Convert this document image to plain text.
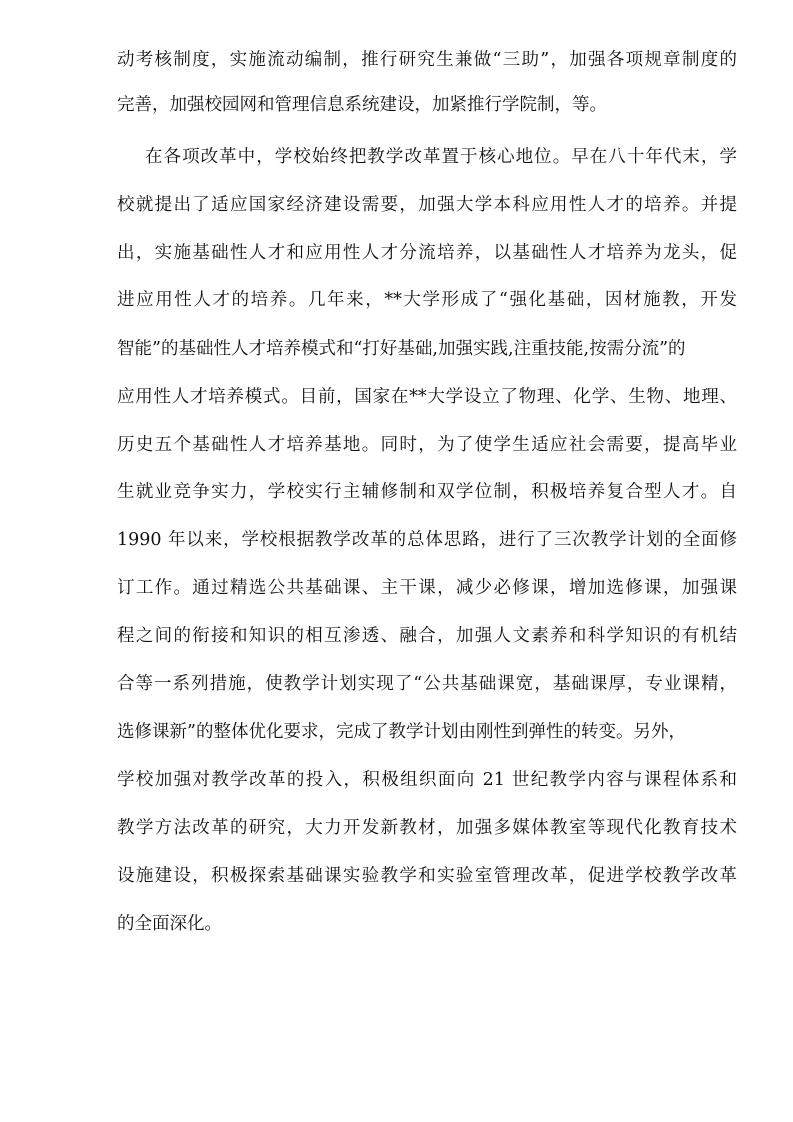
动考核制度，实施流动编制，推行研究生兼做“三助”，加强各项规章制度的
完善，加强校园网和管理信息系统建设，加紧推行学院制，等。
在各项改革中，学校始终把教学改革置于核心地位。早在八十年代末，学
校就提出了适应国家经济建设需要，加强大学本科应用性人才的培养。并提
出，实施基础性人才和应用性人才分流培养，以基础性人才培养为龙头，促
进应用性人才的培养。几年来，**大学形成了“强化基础，因材施教，开发
智能”的基础性人才培养模式和“打好基础,加强实践,注重技能,按需分流”的
应用性人才培养模式。目前，国家在**大学设立了物理、化学、生物、地理、
历史五个基础性人才培养基地。同时，为了使学生适应社会需要，提高毕业
生就业竞争实力，学校实行主辅修制和双学位制，积极培养复合型人才。自
1990 年以来，学校根据教学改革的总体思路，进行了三次教学计划的全面修
订工作。通过精选公共基础课、主干课，减少必修课，增加选修课，加强课
程之间的衔接和知识的相互渗透、融合，加强人文素养和科学知识的有机结
合等一系列措施，使教学计划实现了“公共基础课宽，基础课厚，专业课精，
选修课新”的整体优化要求，完成了教学计划由刚性到弹性的转变。另外，
学校加强对教学改革的投入，积极组织面向 21 世纪教学内容与课程体系和
教学方法改革的研究，大力开发新教材，加强多媒体教室等现代化教育技术
设施建设，积极探索基础课实验教学和实验室管理改革，促进学校教学改革
的全面深化。
